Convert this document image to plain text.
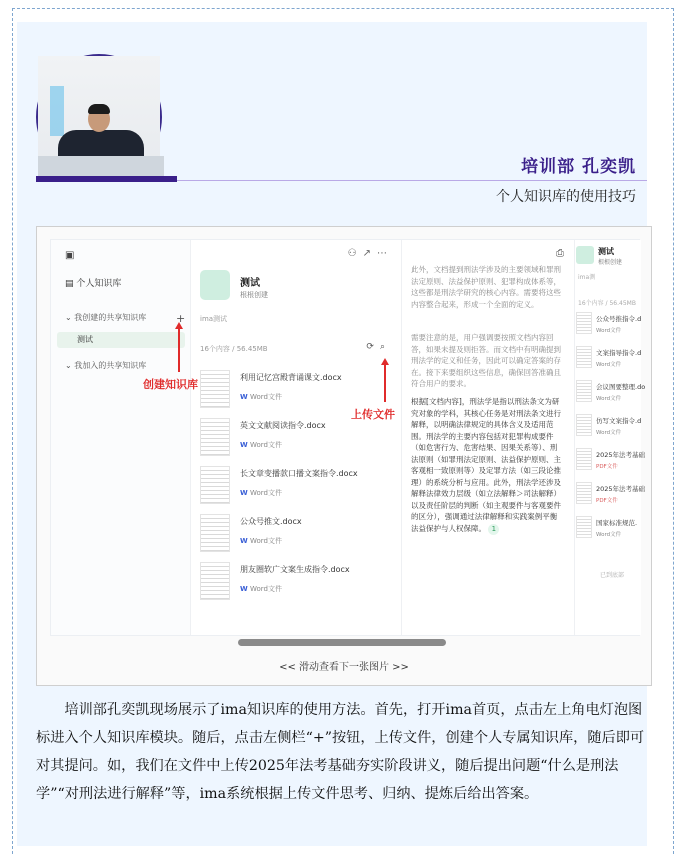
培训部 孔奕凯
个人知识库的使用技巧
▣
▤ 个人知识库
⌄ 我创建的共享知识库	+
测试
⌄ 我加入的共享知识库
⚇↗⋯
测试
根根创建
ima测试
16个内容 / 56.45MB	⟳⌕
利用记忆宫殿背诵课文.docx
W Word文件
英文文献阅读指令.docx
W Word文件
长文章变播款口播文案指令.docx
W Word文件
公众号推文.docx
W Word文件
朋友圈软广文案生成指令.docx
W Word文件
⎙
此外，文档提到刑法学涉及的主要领域和罪刑法定原则、法益保护原则、犯罪构成体系等，这些都是刑法学研究的核心内容。需要将这些内容整合起来，形成一个全面的定义。
需要注意的是，用户强调要按照文档内容回答，如果未提及则拒答。而文档中有明确提到刑法学的定义和任务，因此可以确定答案的存在。接下来要组织这些信息，确保回答准确且符合用户的要求。
根据[文档内容]，刑法学是指以刑法条文为研究对象的学科，其核心任务是对刑法条文进行解释，以明确法律规定的具体含义及适用范围。刑法学的主要内容包括对犯罪构成要件（如危害行为、危害结果、因果关系等）、刑法原则（如罪刑法定原则、法益保护原则、主客观相一致原则等）及定罪方法（如三段论推理）的系统分析与应用。此外，刑法学还涉及解释法律效力层级（如立法解释＞司法解释）以及责任阶层的判断（如主观要件与客观要件的区分），强调通过法律解释和实践案例平衡法益保护与人权保障。 1
测试
根根创建
ima测
16个内容 / 56.45MB
公众号推指令.d
Word文件
文案指导指令.d
Word文件
会议图要整理.do
Word文件
仿写文案指令.d
Word文件
2025年法考基础
PDF文件
2025年法考基础
PDF文件
国家标准规范.
Word文件
已到底部
创建知识库
上传文件
<< 滑动查看下一张图片 >>
培训部孔奕凯现场展示了ima知识库的使用方法。首先，打开ima首页，点击左上角电灯泡图标进入个人知识库模块。随后，点击左侧栏“+”按钮，上传文件，创建个人专属知识库，随后即可对其提问。如，我们在文件中上传2025年法考基础夯实阶段讲义，随后提出问题“什么是刑法学”“对刑法进行解释”等，ima系统根据上传文件思考、归纳、提炼后给出答案。
